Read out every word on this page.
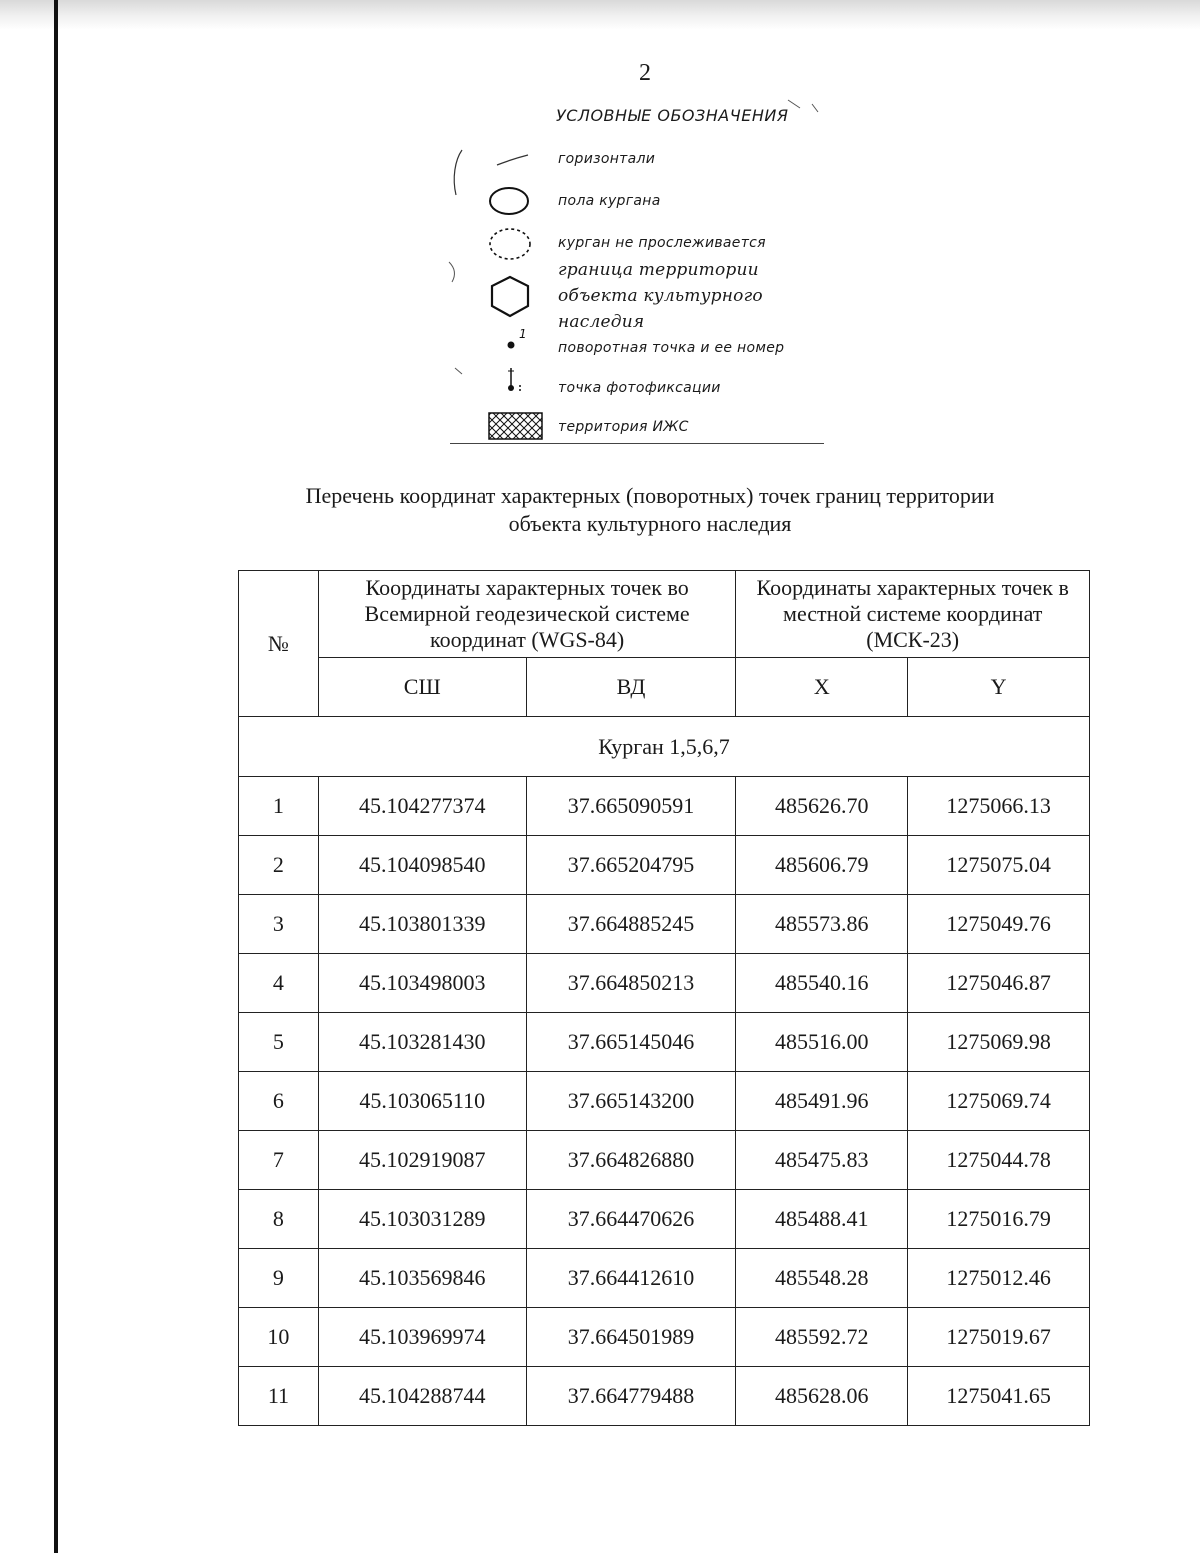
2
1
УСЛОВНЫЕ ОБОЗНАЧЕНИЯ
горизонтали
пола кургана
курган не прослеживается
граница территории
объекта культурного
наследия
поворотная точка и ее номер
точка фотофиксации
территория ИЖС
Перечень координат характерных (поворотных) точек границ территории
объекта культурного наследия
№	Координаты характерных точек во Всемирной геодезической системе координат (WGS-84)		Координаты характерных точек в местной системе координат (МСК-23)	
	СШ	ВД	X	Y
Курган 1,5,6,7				
1	45.104277374	37.665090591	485626.70	1275066.13
2	45.104098540	37.665204795	485606.79	1275075.04
3	45.103801339	37.664885245	485573.86	1275049.76
4	45.103498003	37.664850213	485540.16	1275046.87
5	45.103281430	37.665145046	485516.00	1275069.98
6	45.103065110	37.665143200	485491.96	1275069.74
7	45.102919087	37.664826880	485475.83	1275044.78
8	45.103031289	37.664470626	485488.41	1275016.79
9	45.103569846	37.664412610	485548.28	1275012.46
10	45.103969974	37.664501989	485592.72	1275019.67
11	45.104288744	37.664779488	485628.06	1275041.65
